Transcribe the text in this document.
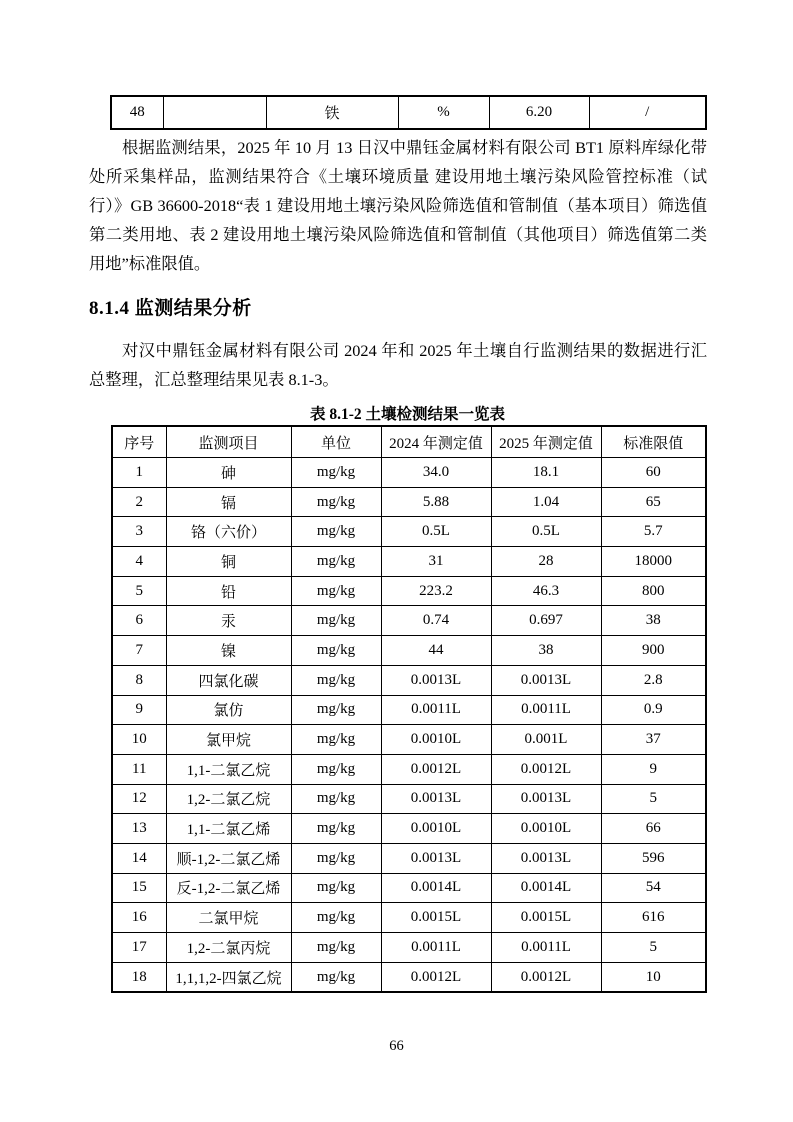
48		铁	%	6.20	/

根据监测结果，2025 年 10 月 13 日汉中鼎钰金属材料有限公司 BT1 原料库绿化带处所采集样品，监测结果符合《土壤环境质量 建设用地土壤污染风险管控标准（试行）》GB 36600-2018“表 1 建设用地土壤污染风险筛选值和管制值（基本项目）筛选值第二类用地、表 2 建设用地土壤污染风险筛选值和管制值（其他项目）筛选值第二类用地”标准限值。

8.1.4 监测结果分析

对汉中鼎钰金属材料有限公司 2024 年和 2025 年土壤自行监测结果的数据进行汇总整理，汇总整理结果见表 8.1-3。

表 8.1-2 土壤检测结果一览表
序号	监测项目	单位	2024 年测定值	2025 年测定值	标准限值
1	砷	mg/kg	34.0	18.1	60
2	镉	mg/kg	5.88	1.04	65
3	铬（六价）	mg/kg	0.5L	0.5L	5.7
4	铜	mg/kg	31	28	18000
5	铅	mg/kg	223.2	46.3	800
6	汞	mg/kg	0.74	0.697	38
7	镍	mg/kg	44	38	900
8	四氯化碳	mg/kg	0.0013L	0.0013L	2.8
9	氯仿	mg/kg	0.0011L	0.0011L	0.9
10	氯甲烷	mg/kg	0.0010L	0.001L	37
11	1,1-二氯乙烷	mg/kg	0.0012L	0.0012L	9
12	1,2-二氯乙烷	mg/kg	0.0013L	0.0013L	5
13	1,1-二氯乙烯	mg/kg	0.0010L	0.0010L	66
14	顺-1,2-二氯乙烯	mg/kg	0.0013L	0.0013L	596
15	反-1,2-二氯乙烯	mg/kg	0.0014L	0.0014L	54
16	二氯甲烷	mg/kg	0.0015L	0.0015L	616
17	1,2-二氯丙烷	mg/kg	0.0011L	0.0011L	5
18	1,1,1,2-四氯乙烷	mg/kg	0.0012L	0.0012L	10
66
